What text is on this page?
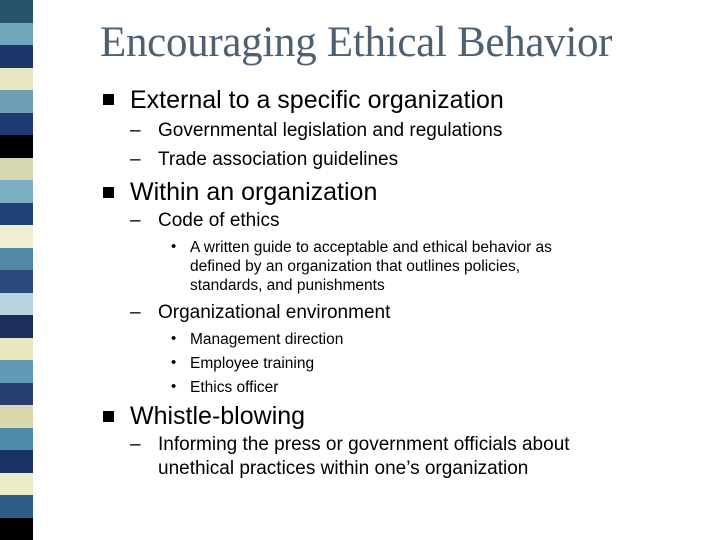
Encouraging Ethical Behavior
External to a specific organization
– Governmental legislation and regulations
– Trade association guidelines
Within an organization
– Code of ethics
• A written guide to acceptable and ethical behavior as
defined by an organization that outlines policies,
standards, and punishments
– Organizational environment
• Management direction
• Employee training
• Ethics officer
Whistle-blowing
– Informing the press or government officials about
unethical practices within one’s organization
